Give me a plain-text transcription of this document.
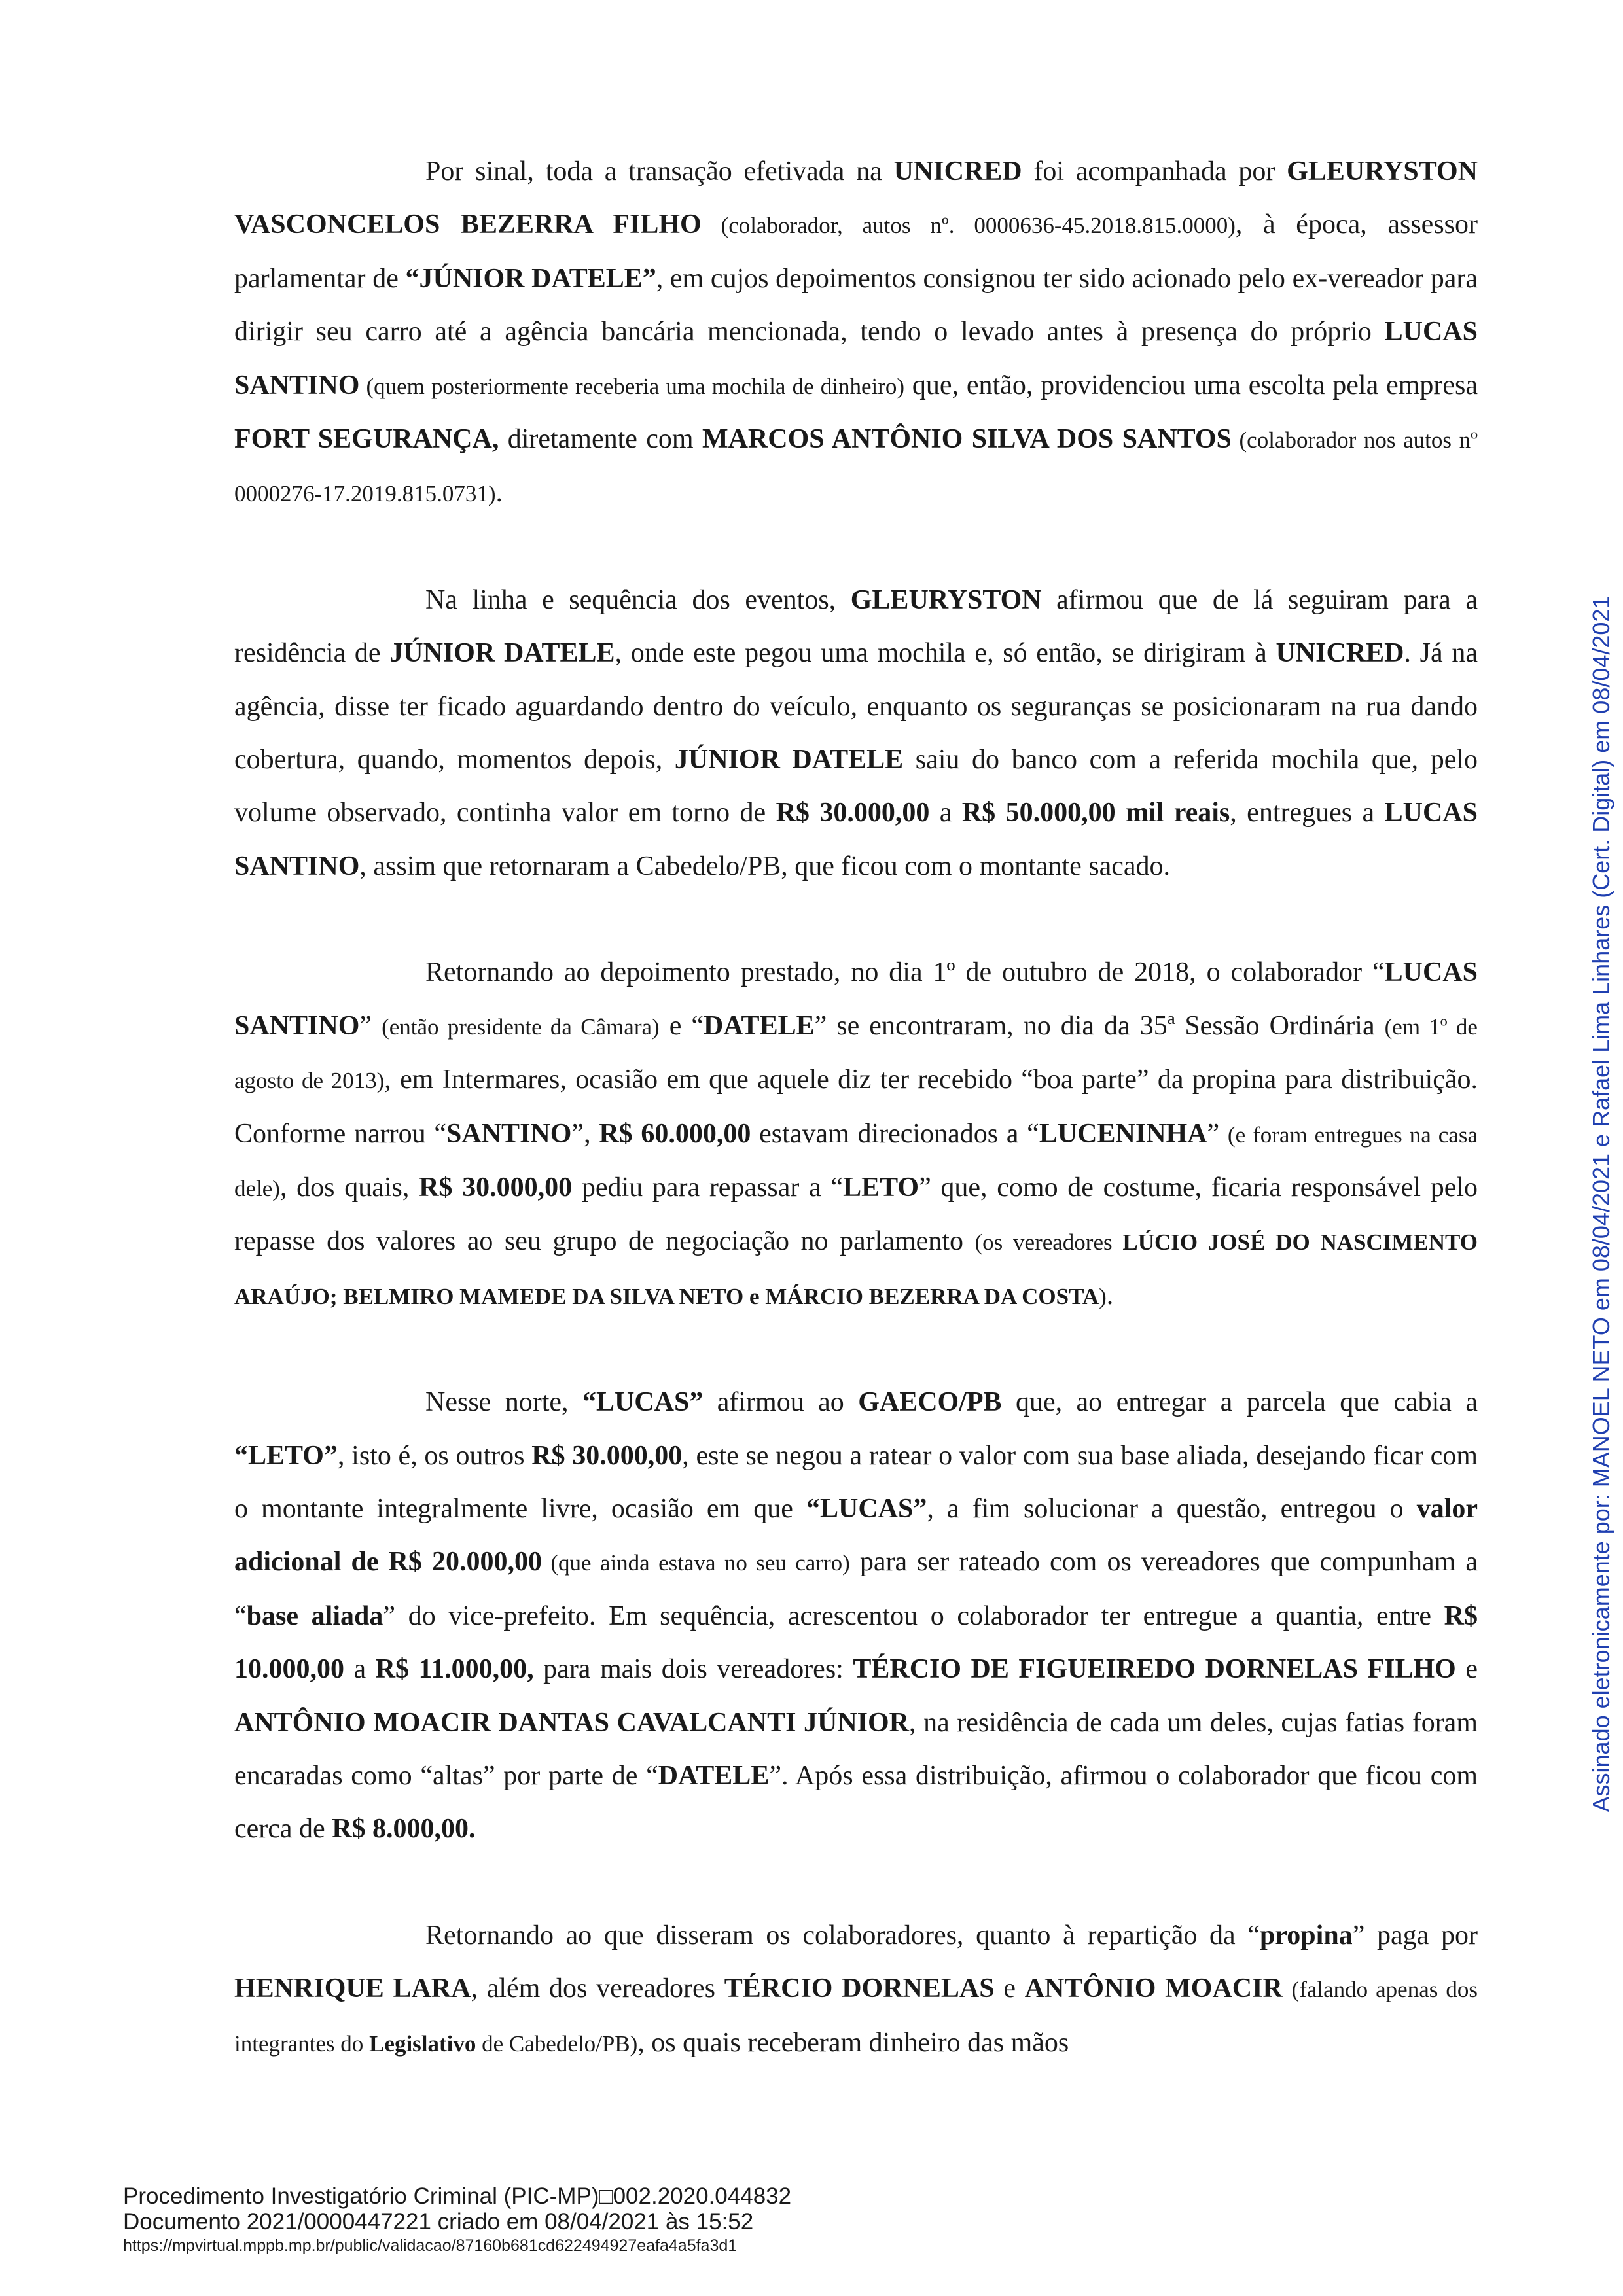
Por sinal, toda a transação efetivada na UNICRED foi acompanhada por GLEURYSTON VASCONCELOS BEZERRA FILHO (colaborador, autos nº. 0000636-45.2018.815.0000), à época, assessor parlamentar de “JÚNIOR DATELE”, em cujos depoimentos consignou ter sido acionado pelo ex-vereador para dirigir seu carro até a agência bancária mencionada, tendo o levado antes à presença do próprio LUCAS SANTINO (quem posteriormente receberia uma mochila de dinheiro) que, então, providenciou uma escolta pela empresa FORT SEGURANÇA, diretamente com MARCOS ANTÔNIO SILVA DOS SANTOS (colaborador nos autos nº 0000276-17.2019.815.0731).

Na linha e sequência dos eventos, GLEURYSTON afirmou que de lá seguiram para a residência de JÚNIOR DATELE, onde este pegou uma mochila e, só então, se dirigiram à UNICRED. Já na agência, disse ter ficado aguardando dentro do veículo, enquanto os seguranças se posicionaram na rua dando cobertura, quando, momentos depois, JÚNIOR DATELE saiu do banco com a referida mochila que, pelo volume observado, continha valor em torno de R$ 30.000,00 a R$ 50.000,00 mil reais, entregues a LUCAS SANTINO, assim que retornaram a Cabedelo/PB, que ficou com o montante sacado.

Retornando ao depoimento prestado, no dia 1º de outubro de 2018, o colaborador “LUCAS SANTINO” (então presidente da Câmara) e “DATELE” se encontraram, no dia da 35ª Sessão Ordinária (em 1º de agosto de 2013), em Intermares, ocasião em que aquele diz ter recebido “boa parte” da propina para distribuição. Conforme narrou “SANTINO”, R$ 60.000,00 estavam direcionados a “LUCENINHA” (e foram entregues na casa dele), dos quais, R$ 30.000,00 pediu para repassar a “LETO” que, como de costume, ficaria responsável pelo repasse dos valores ao seu grupo de negociação no parlamento (os vereadores LÚCIO JOSÉ DO NASCIMENTO ARAÚJO; BELMIRO MAMEDE DA SILVA NETO e MÁRCIO BEZERRA DA COSTA).

Nesse norte, “LUCAS” afirmou ao GAECO/PB que, ao entregar a parcela que cabia a “LETO”, isto é, os outros R$ 30.000,00, este se negou a ratear o valor com sua base aliada, desejando ficar com o montante integralmente livre, ocasião em que “LUCAS”, a fim solucionar a questão, entregou o valor adicional de R$ 20.000,00 (que ainda estava no seu carro) para ser rateado com os vereadores que compunham a “base aliada” do vice-prefeito. Em sequência, acrescentou o colaborador ter entregue a quantia, entre R$ 10.000,00 a R$ 11.000,00, para mais dois vereadores: TÉRCIO DE FIGUEIREDO DORNELAS FILHO e ANTÔNIO MOACIR DANTAS CAVALCANTI JÚNIOR, na residência de cada um deles, cujas fatias foram encaradas como “altas” por parte de “DATELE”. Após essa distribuição, afirmou o colaborador que ficou com cerca de R$ 8.000,00.

Retornando ao que disseram os colaboradores, quanto à repartição da “propina” paga por HENRIQUE LARA, além dos vereadores TÉRCIO DORNELAS e ANTÔNIO MOACIR (falando apenas dos integrantes do Legislativo de Cabedelo/PB), os quais receberam dinheiro das mãos

Assinado eletronicamente por: MANOEL NETO em 08/04/2021 e Rafael Lima Linhares (Cert. Digital) em 08/04/2021
Procedimento Investigatório Criminal (PIC-MP)□002.2020.044832
Documento 2021/0000447221 criado em 08/04/2021 às 15:52
https://mpvirtual.mppb.mp.br/public/validacao/87160b681cd622494927eafa4a5fa3d1
